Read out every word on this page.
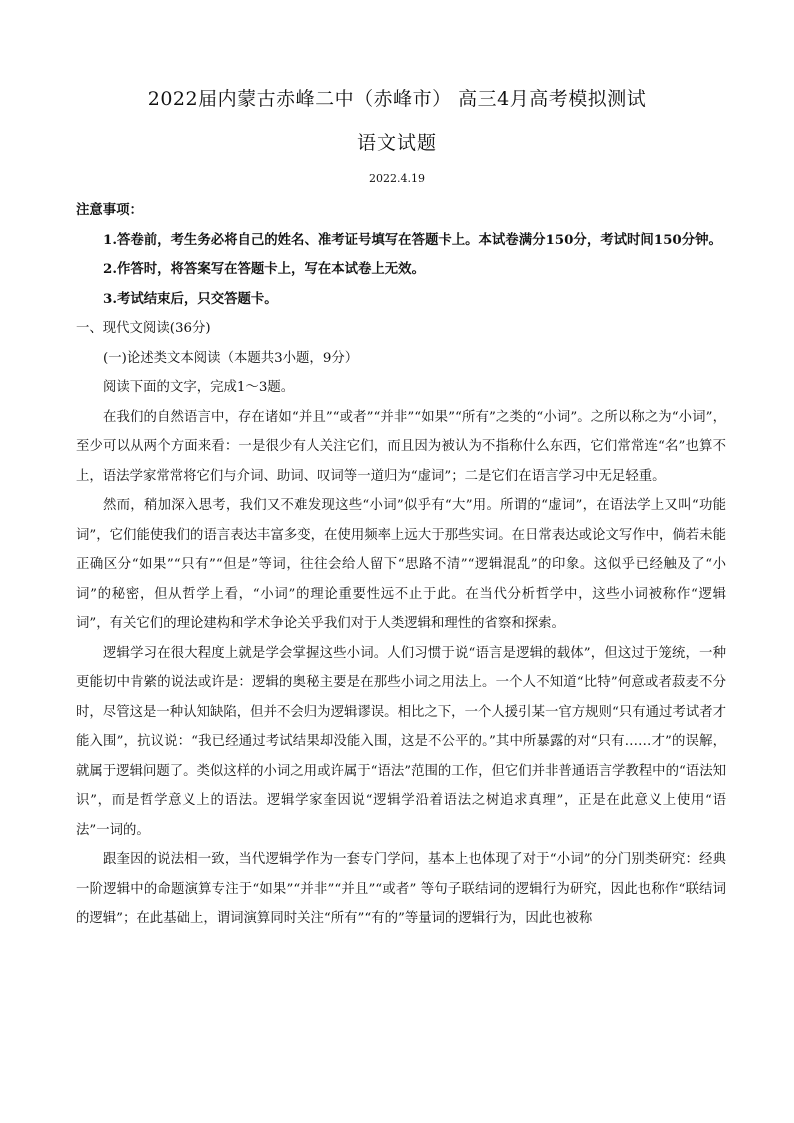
2022届内蒙古赤峰二中（赤峰市） 高三4月高考模拟测试
语文试题
2022.4.19

注意事项：

1.答卷前，考生务必将自己的姓名、准考证号填写在答题卡上。本试卷满分150分，考试时间150分钟。

2.作答时，将答案写在答题卡上，写在本试卷上无效。

3.考试结束后，只交答题卡。

一、现代文阅读(36分)

(一)论述类文本阅读（本题共3小题，9分）

阅读下面的文字，完成1～3题。

在我们的自然语言中，存在诸如“并且”“或者”“并非”“如果”“所有”之类的“小词”。之所以称之为“小词”，至少可以从两个方面来看：一是很少有人关注它们，而且因为被认为不指称什么东西，它们常常连“名”也算不上，语法学家常常将它们与介词、助词、叹词等一道归为“虚词”；二是它们在语言学习中无足轻重。

然而，稍加深入思考，我们又不难发现这些“小词”似乎有“大”用。所谓的“虚词”，在语法学上又叫“功能词”，它们能使我们的语言表达丰富多变，在使用频率上远大于那些实词。在日常表达或论文写作中，倘若未能正确区分“如果”“只有”“但是”等词，往往会给人留下“思路不清”“逻辑混乱”的印象。这似乎已经触及了“小词”的秘密，但从哲学上看，“小词”的理论重要性远不止于此。在当代分析哲学中，这些小词被称作“逻辑词”，有关它们的理论建构和学术争论关乎我们对于人类逻辑和理性的省察和探索。

逻辑学习在很大程度上就是学会掌握这些小词。人们习惯于说“语言是逻辑的载体”，但这过于笼统，一种更能切中肯綮的说法或许是：逻辑的奥秘主要是在那些小词之用法上。一个人不知道“比特”何意或者菽麦不分时，尽管这是一种认知缺陷，但并不会归为逻辑谬误。相比之下，一个人援引某一官方规则“只有通过考试者才能入围”，抗议说：“我已经通过考试结果却没能入围，这是不公平的。”其中所暴露的对“只有……才”的误解，就属于逻辑问题了。类似这样的小词之用或许属于“语法”范围的工作，但它们并非普通语言学教程中的“语法知识”，而是哲学意义上的语法。逻辑学家奎因说“逻辑学沿着语法之树追求真理”，正是在此意义上使用“语法”一词的。

跟奎因的说法相一致，当代逻辑学作为一套专门学问，基本上也体现了对于“小词”的分门别类研究：经典一阶逻辑中的命题演算专注于“如果”“并非”“并且”“或者” 等句子联结词的逻辑行为研究，因此也称作“联结词的逻辑”；在此基础上，谓词演算同时关注“所有”“有的”等量词的逻辑行为，因此也被称
